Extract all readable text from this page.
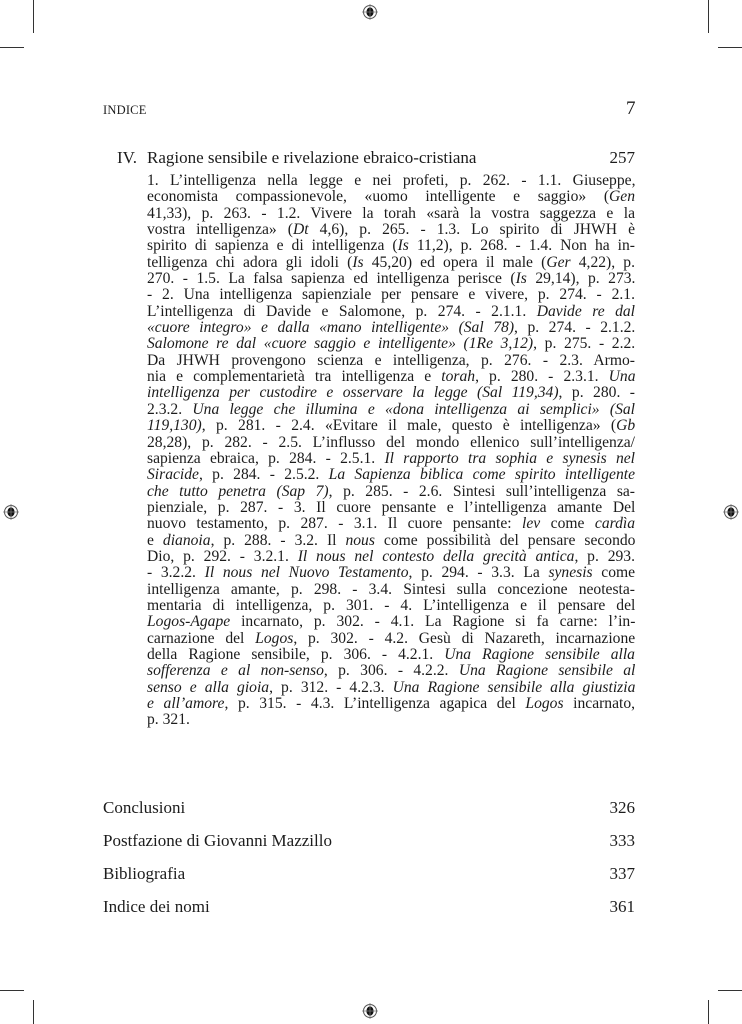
INDICE	7
IV. Ragione sensibile e rivelazione ebraico-cristiana	257
1. L’intelligenza nella legge e nei profeti, p. 262. - 1.1. Giuseppe,
economista compassionevole, «uomo intelligente e saggio» (Gen
41,33), p. 263. - 1.2. Vivere la torah «sarà la vostra saggezza e la
vostra intelligenza» (Dt 4,6), p. 265. - 1.3. Lo spirito di JHWH è
spirito di sapienza e di intelligenza (Is 11,2), p. 268. - 1.4. Non ha in-
telligenza chi adora gli idoli (Is 45,20) ed opera il male (Ger 4,22), p.
270. - 1.5. La falsa sapienza ed intelligenza perisce (Is 29,14), p. 273.
- 2. Una intelligenza sapienziale per pensare e vivere, p. 274. - 2.1.
L’intelligenza di Davide e Salomone, p. 274. - 2.1.1. Davide re dal
«cuore integro» e dalla «mano intelligente» (Sal 78), p. 274. - 2.1.2.
Salomone re dal «cuore saggio e intelligente» (1Re 3,12), p. 275. - 2.2.
Da JHWH provengono scienza e intelligenza, p. 276. - 2.3. Armo-
nia e complementarietà tra intelligenza e torah, p. 280. - 2.3.1. Una
intelligenza per custodire e osservare la legge (Sal 119,34), p. 280. -
2.3.2. Una legge che illumina e «dona intelligenza ai semplici» (Sal
119,130), p. 281. - 2.4. «Evitare il male, questo è intelligenza» (Gb
28,28), p. 282. - 2.5. L’influsso del mondo ellenico sull’intelligenza/
sapienza ebraica, p. 284. - 2.5.1. Il rapporto tra sophia e synesis nel
Siracide, p. 284. - 2.5.2. La Sapienza biblica come spirito intelligente
che tutto penetra (Sap 7), p. 285. - 2.6. Sintesi sull’intelligenza sa-
pienziale, p. 287. - 3. Il cuore pensante e l’intelligenza amante Del
nuovo testamento, p. 287. - 3.1. Il cuore pensante: lev come cardìa
e dianoia, p. 288. - 3.2. Il nous come possibilità del pensare secondo
Dio, p. 292. - 3.2.1. Il nous nel contesto della grecità antica, p. 293.
- 3.2.2. Il nous nel Nuovo Testamento, p. 294. - 3.3. La synesis come
intelligenza amante, p. 298. - 3.4. Sintesi sulla concezione neotesta-
mentaria di intelligenza, p. 301. - 4. L’intelligenza e il pensare del
Logos-Agape incarnato, p. 302. - 4.1. La Ragione si fa carne: l’in-
carnazione del Logos, p. 302. - 4.2. Gesù di Nazareth, incarnazione
della Ragione sensibile, p. 306. - 4.2.1. Una Ragione sensibile alla
sofferenza e al non-senso, p. 306. - 4.2.2. Una Ragione sensibile al
senso e alla gioia, p. 312. - 4.2.3. Una Ragione sensibile alla giustizia
e all’amore, p. 315. - 4.3. L’intelligenza agapica del Logos incarnato,
p. 321.
Conclusioni	326
Postfazione di Giovanni Mazzillo	333
Bibliografia	337
Indice dei nomi	361
